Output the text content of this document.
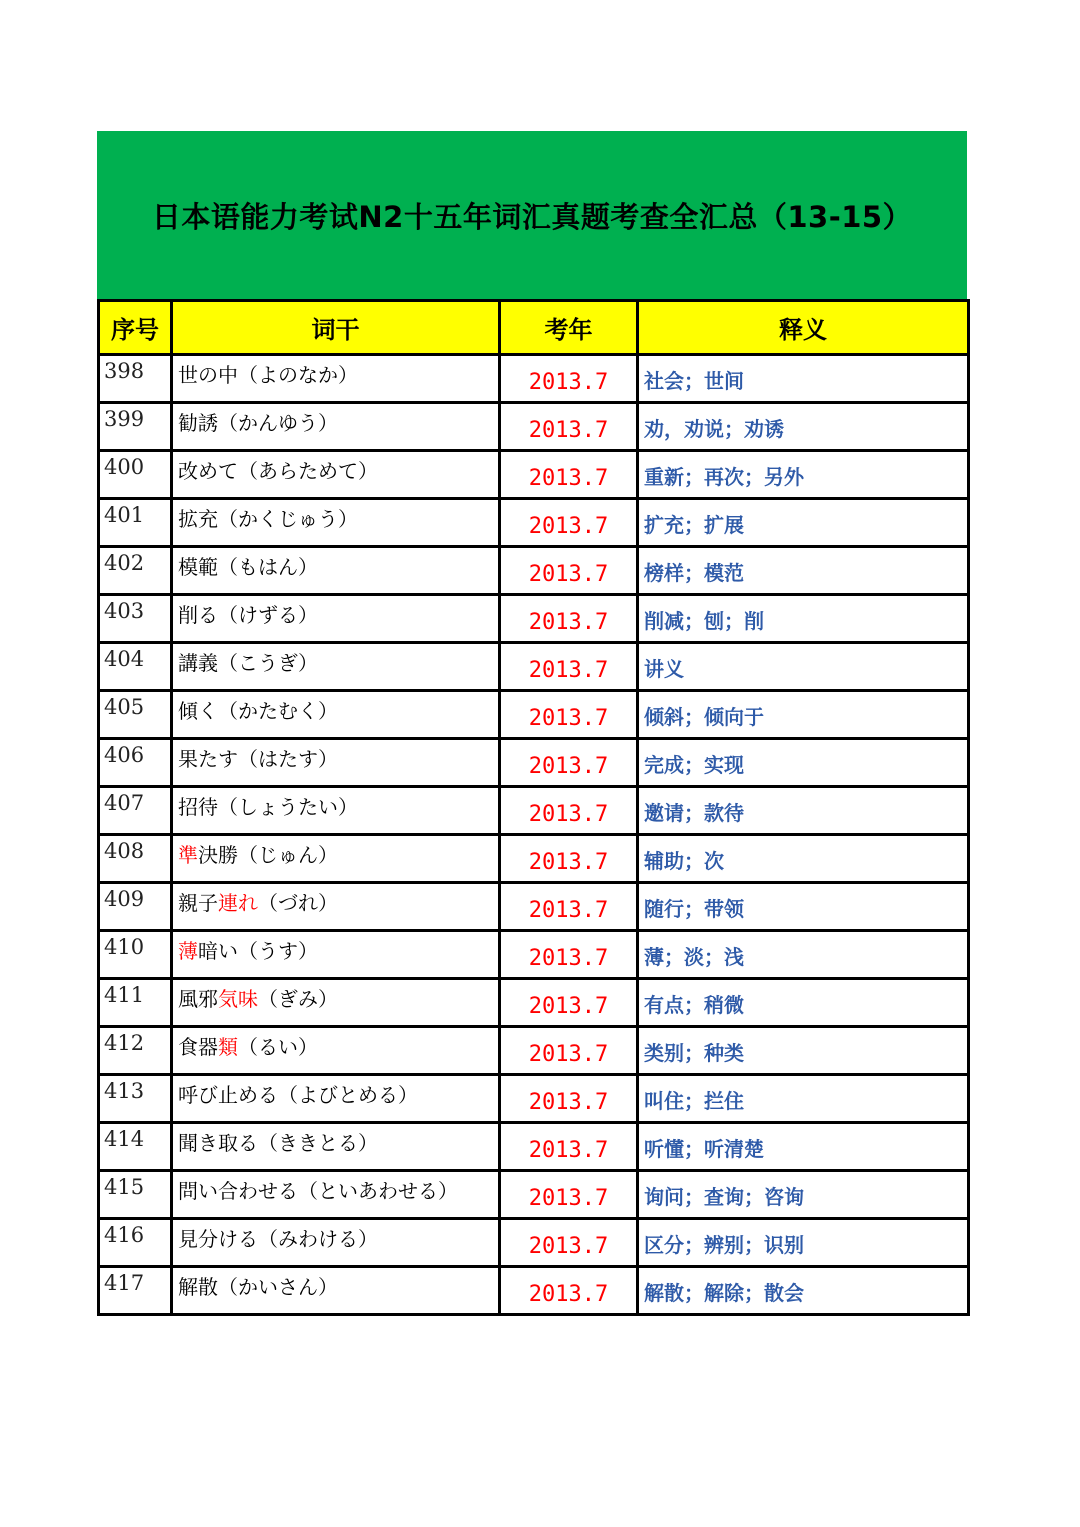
日本语能力考试N2十五年词汇真题考查全汇总（13-15）
序号	词干	考年	释义
398	世の中（よのなか）	2013.7	社会；世间
399	勧誘（かんゆう）	2013.7	劝，劝说；劝诱
400	改めて（あらためて）	2013.7	重新；再次；另外
401	拡充（かくじゅう）	2013.7	扩充；扩展
402	模範（もはん）	2013.7	榜样；模范
403	削る（けずる）	2013.7	削减；刨；削
404	講義（こうぎ）	2013.7	讲义
405	傾く（かたむく）	2013.7	倾斜；倾向于
406	果たす（はたす）	2013.7	完成；实现
407	招待（しょうたい）	2013.7	邀请；款待
408	準決勝（じゅん）	2013.7	辅助；次
409	親子連れ（づれ）	2013.7	随行；带领
410	薄暗い（うす）	2013.7	薄；淡；浅
411	風邪気味（ぎみ）	2013.7	有点；稍微
412	食器類（るい）	2013.7	类别；种类
413	呼び止める（よびとめる）	2013.7	叫住；拦住
414	聞き取る（ききとる）	2013.7	听懂；听清楚
415	問い合わせる（といあわせる）	2013.7	询问；查询；咨询
416	見分ける（みわける）	2013.7	区分；辨别；识别
417	解散（かいさん）	2013.7	解散；解除；散会
